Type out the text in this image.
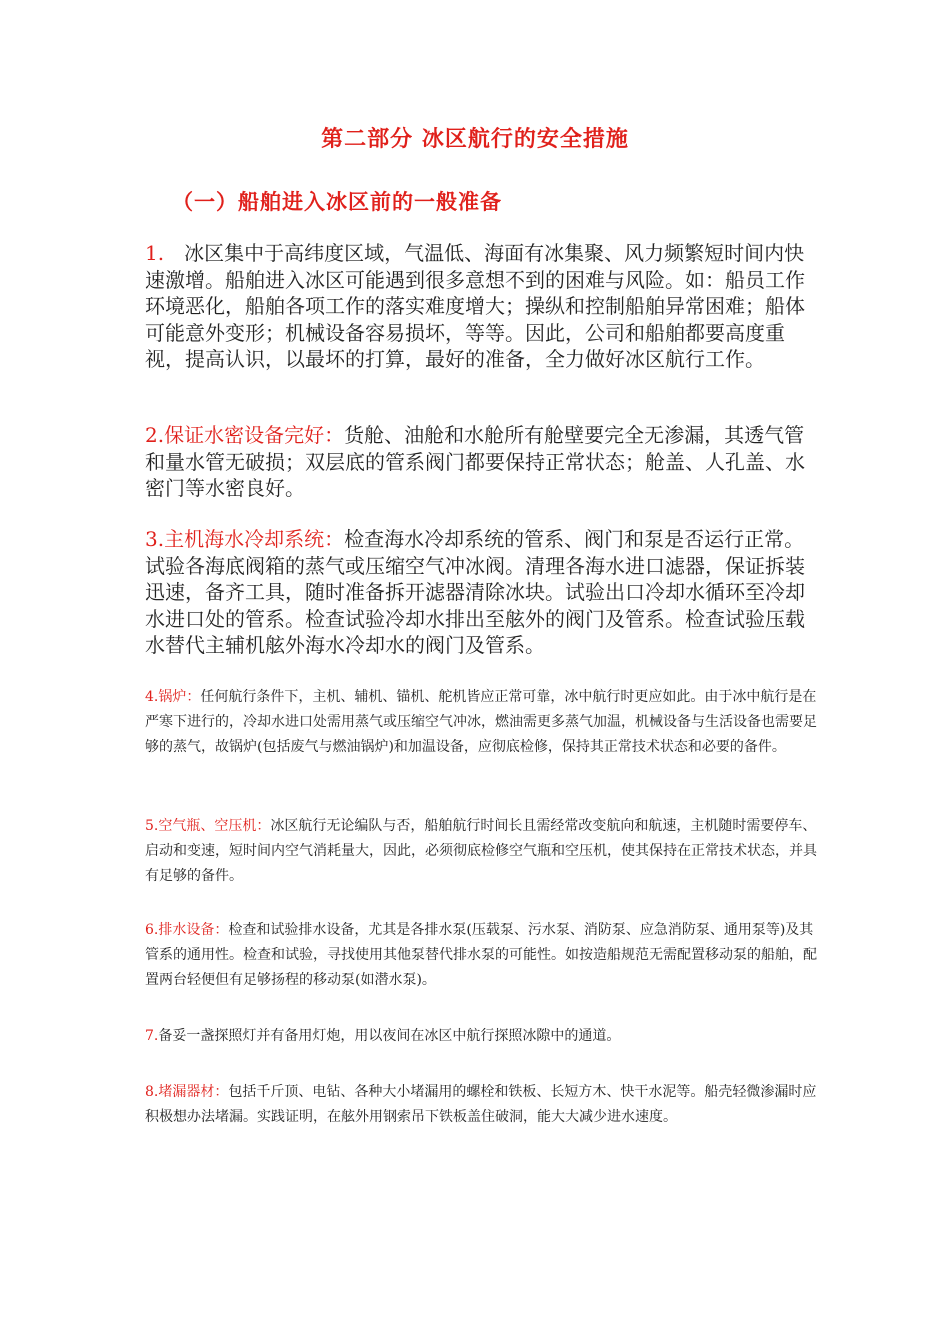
第二部分 冰区航行的安全措施
（一）船舶进入冰区前的一般准备

1.　冰区集中于高纬度区域，气温低、海面有冰集聚、风力频繁短时间内快速激增。船舶进入冰区可能遇到很多意想不到的困难与风险。如：船员工作环境恶化，船舶各项工作的落实难度增大；操纵和控制船舶异常困难；船体可能意外变形；机械设备容易损坏，等等。因此，公司和船舶都要高度重视，提高认识，以最坏的打算，最好的准备，全力做好冰区航行工作。

2.保证水密设备完好：货舱、油舱和水舱所有舱壁要完全无渗漏，其透气管和量水管无破损；双层底的管系阀门都要保持正常状态；舱盖、人孔盖、水密门等水密良好。

3.主机海水冷却系统：检查海水冷却系统的管系、阀门和泵是否运行正常。试验各海底阀箱的蒸气或压缩空气冲冰阀。清理各海水进口滤器，保证拆装迅速，备齐工具，随时准备拆开滤器清除冰块。试验出口冷却水循环至冷却水进口处的管系。检查试验冷却水排出至舷外的阀门及管系。检查试验压载水替代主辅机舷外海水冷却水的阀门及管系。

4.锅炉：任何航行条件下，主机、辅机、锚机、舵机皆应正常可靠，冰中航行时更应如此。由于冰中航行是在严寒下进行的，冷却水进口处需用蒸气或压缩空气冲冰，燃油需更多蒸气加温，机械设备与生活设备也需要足够的蒸气，故锅炉(包括废气与燃油锅炉)和加温设备，应彻底检修，保持其正常技术状态和必要的备件。

5.空气瓶、空压机：冰区航行无论编队与否，船舶航行时间长且需经常改变航向和航速，主机随时需要停车、启动和变速，短时间内空气消耗量大，因此，必须彻底检修空气瓶和空压机，使其保持在正常技术状态，并具有足够的备件。

6.排水设备：检查和试验排水设备，尤其是各排水泵(压载泵、污水泵、消防泵、应急消防泵、通用泵等)及其管系的通用性。检查和试验，寻找使用其他泵替代排水泵的可能性。如按造船规范无需配置移动泵的船舶，配置两台轻便但有足够扬程的移动泵(如潜水泵)。

7.备妥一盏探照灯并有备用灯炮，用以夜间在冰区中航行探照冰隙中的通道。

8.堵漏器材：包括千斤顶、电钻、各种大小堵漏用的螺栓和铁板、长短方木、快干水泥等。船壳轻微渗漏时应积极想办法堵漏。实践证明，在舷外用钢索吊下铁板盖住破洞，能大大减少进水速度。
